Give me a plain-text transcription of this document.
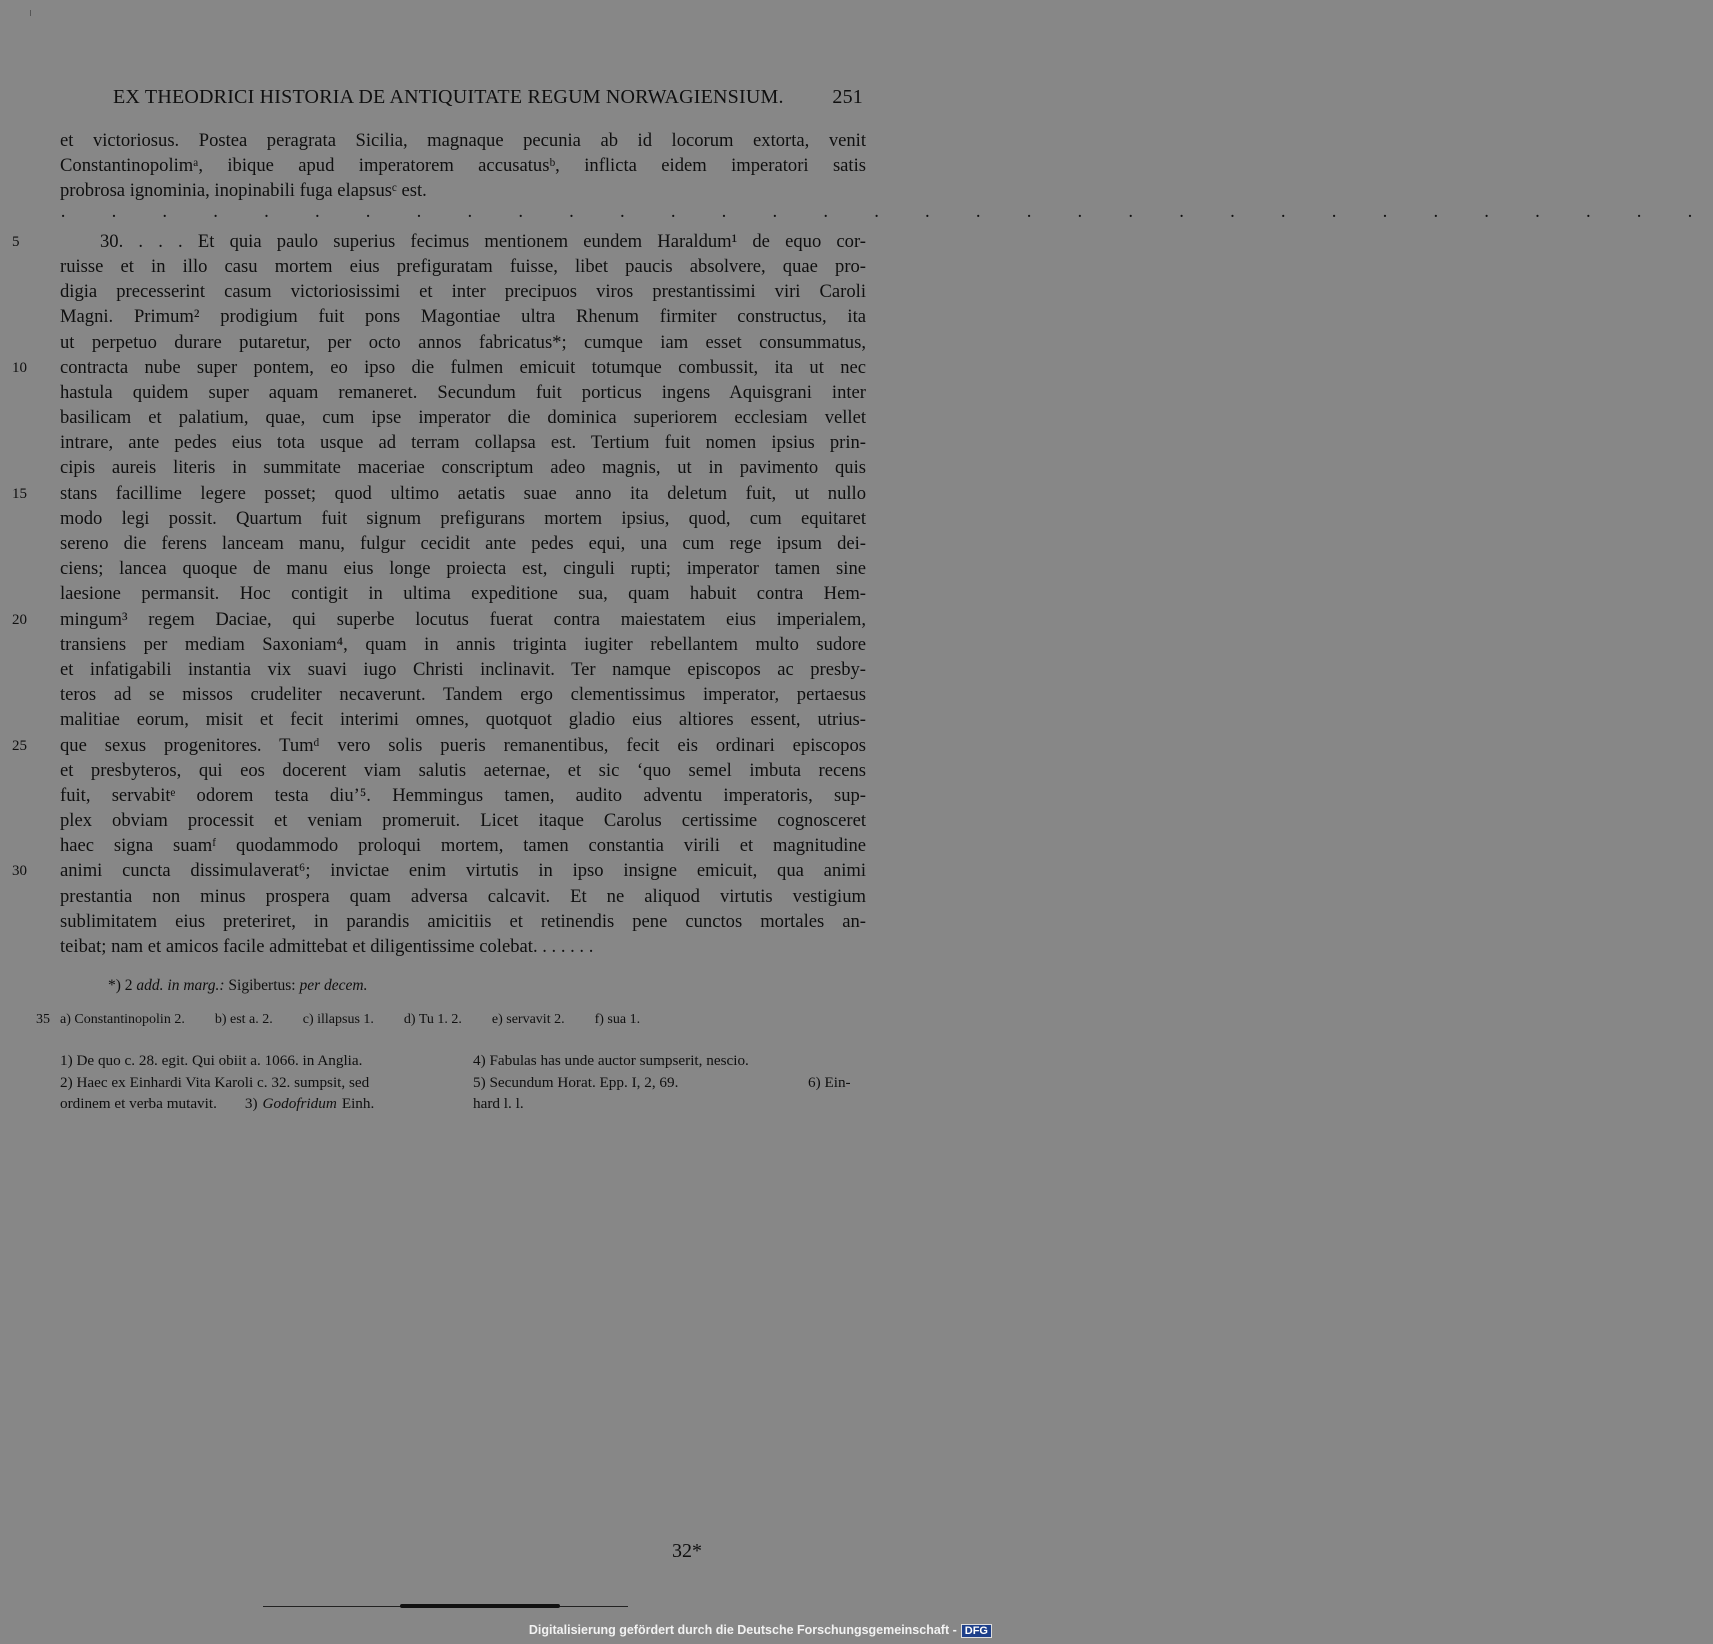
EX THEODRICI HISTORIA DE ANTIQUITATE REGUM NORWAGIENSIUM. 251
et victoriosus. Postea peragrata Sicilia, magnaque pecunia ab id locorum extorta, venit
Constantinopolimᵃ, ibique apud imperatorem accusatusᵇ, inflicta eidem imperatori satis
probrosa ignominia, inopinabili fuga elapsusᶜ est.
· · · · · · · · · · · · · · · · · · · · · · · · · · · · · · · · ·
5	30. . . . Et quia paulo superius fecimus mentionem eundem Haraldum¹ de equo cor-
ruisse et in illo casu mortem eius prefiguratam fuisse, libet paucis absolvere, quae pro-
digia precesserint casum victoriosissimi et inter precipuos viros prestantissimi viri Caroli
Magni. Primum² prodigium fuit pons Magontiae ultra Rhenum firmiter constructus, ita
ut perpetuo durare putaretur, per octo annos fabricatus*; cumque iam esset consummatus,
10	contracta nube super pontem, eo ipso die fulmen emicuit totumque combussit, ita ut nec
hastula quidem super aquam remaneret. Secundum fuit porticus ingens Aquisgrani inter
basilicam et palatium, quae, cum ipse imperator die dominica superiorem ecclesiam vellet
intrare, ante pedes eius tota usque ad terram collapsa est. Tertium fuit nomen ipsius prin-
cipis aureis literis in summitate maceriae conscriptum adeo magnis, ut in pavimento quis
15	stans facillime legere posset; quod ultimo aetatis suae anno ita deletum fuit, ut nullo
modo legi possit. Quartum fuit signum prefigurans mortem ipsius, quod, cum equitaret
sereno die ferens lanceam manu, fulgur cecidit ante pedes equi, una cum rege ipsum dei-
ciens; lancea quoque de manu eius longe proiecta est, cinguli rupti; imperator tamen sine
laesione permansit. Hoc contigit in ultima expeditione sua, quam habuit contra Hem-
20	mingum³ regem Daciae, qui superbe locutus fuerat contra maiestatem eius imperialem,
transiens per mediam Saxoniam⁴, quam in annis triginta iugiter rebellantem multo sudore
et infatigabili instantia vix suavi iugo Christi inclinavit. Ter namque episcopos ac presby-
teros ad se missos crudeliter necaverunt. Tandem ergo clementissimus imperator, pertaesus
malitiae eorum, misit et fecit interimi omnes, quotquot gladio eius altiores essent, utrius-
25	que sexus progenitores. Tumᵈ vero solis pueris remanentibus, fecit eis ordinari episcopos
et presbyteros, qui eos docerent viam salutis aeternae, et sic ‘quo semel imbuta recens
fuit, servabitᵉ odorem testa diu’⁵. Hemmingus tamen, audito adventu imperatoris, sup-
plex obviam processit et veniam promeruit. Licet itaque Carolus certissime cognosceret
haec signa suamᶠ quodammodo proloqui mortem, tamen constantia virili et magnitudine
30	animi cuncta dissimulaverat⁶; invictae enim virtutis in ipso insigne emicuit, qua animi
prestantia non minus prospera quam adversa calcavit. Et ne aliquod virtutis vestigium
sublimitatem eius preteriret, in parandis amicitiis et retinendis pene cunctos mortales an-
teibat; nam et amicos facile admittebat et diligentissime colebat. . . . . . .
*) 2 add. in marg.: Sigibertus: per decem.
35 a) Constantinopolin 2. b) est a. 2. c) illapsus 1. d) Tu 1. 2. e) servavit 2. f) sua 1.
1) De quo c. 28. egit. Qui obiit a. 1066. in Anglia.	4) Fabulas has unde auctor sumpserit, nescio.
2) Haec ex Einhardi Vita Karoli c. 32. sumpsit, sed	5) Secundum Horat. Epp. I, 2, 69.	6) Ein-
ordinem et verba mutavit. 3) Godofridum Einh.	hard l. l.
32*
Digitalisierung gefördert durch die Deutsche Forschungsgemeinschaft - DFG
